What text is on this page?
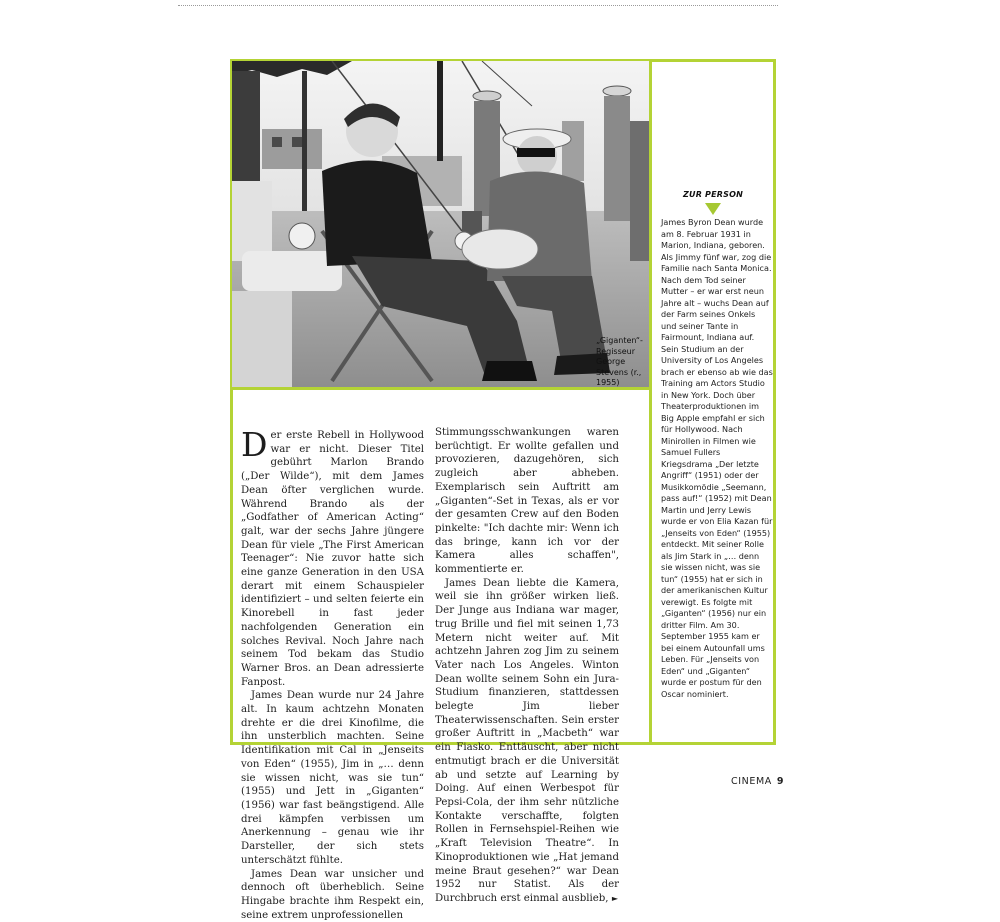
„Giganten“-Regisseur George Stevens (r., 1955)
ZUR PERSON

James Byron Dean wurde am 8. Februar 1931 in Marion, Indiana, geboren. Als Jimmy fünf war, zog die Familie nach Santa Monica. Nach dem Tod seiner Mutter – er war erst neun Jahre alt – wuchs Dean auf der Farm seines Onkels und seiner Tante in Fairmount, Indiana auf. Sein Studium an der University of Los Angeles brach er ebenso ab wie das Training am Actors Studio in New York. Doch über Theaterproduktionen im Big Apple empfahl er sich für Hollywood. Nach Minirollen in Filmen wie Samuel Fullers Kriegsdrama „Der letzte Angriff“ (1951) oder der Musikkomödie „Seemann, pass auf!“ (1952) mit Dean Martin und Jerry Lewis wurde er von Elia Kazan für „Jenseits von Eden“ (1955) entdeckt. Mit seiner Rolle als Jim Stark in „… denn sie wissen nicht, was sie tun“ (1955) hat er sich in der amerikanischen Kultur verewigt. Es folgte mit „Giganten“ (1956) nur ein dritter Film. Am 30. September 1955 kam er bei einem Autounfall ums Leben. Für „Jenseits von Eden“ und „Giganten“ wurde er postum für den Oscar nominiert.

Der erste Rebell in Hollywood war er nicht. Dieser Titel gebührt Marlon Brando („Der Wilde“), mit dem James Dean öfter verglichen wurde. Während Brando als der „Godfather of American Acting“ galt, war der sechs Jahre jüngere Dean für viele „The First American Teenager“: Nie zuvor hatte sich eine ganze Generation in den USA derart mit einem Schauspieler identifiziert – und selten feierte ein Kinorebell in fast jeder nachfolgenden Generation ein solches Revival. Noch Jahre nach seinem Tod bekam das Studio Warner Bros. an Dean adressierte Fanpost.

James Dean wurde nur 24 Jahre alt. In kaum achtzehn Monaten drehte er die drei Kinofilme, die ihn unsterblich machten. Seine Identifikation mit Cal in „Jenseits von Eden“ (1955), Jim in „… denn sie wissen nicht, was sie tun“ (1955) und Jett in „Giganten“ (1956) war fast beängstigend. Alle drei kämpfen verbissen um Anerkennung – genau wie ihr Darsteller, der sich stets unterschätzt fühlte.

James Dean war unsicher und dennoch oft überheblich. Seine Hingabe brachte ihm Respekt ein, seine extrem unprofessionellen

Stimmungsschwankungen waren berüchtigt. Er wollte gefallen und provozieren, dazugehören, sich zugleich aber abheben. Exemplarisch sein Auftritt am „Giganten“-Set in Texas, als er vor der gesamten Crew auf den Boden pinkelte: "Ich dachte mir: Wenn ich das bringe, kann ich vor der Kamera alles schaffen", kommentierte er.

James Dean liebte die Kamera, weil sie ihn größer wirken ließ. Der Junge aus Indiana war mager, trug Brille und fiel mit seinen 1,73 Metern nicht weiter auf. Mit achtzehn Jahren zog Jim zu seinem Vater nach Los Angeles. Winton Dean wollte seinem Sohn ein Jura-Studium finanzieren, stattdessen belegte Jim lieber Theaterwissenschaften. Sein erster großer Auftritt in „Macbeth“ war ein Fiasko. Enttäuscht, aber nicht entmutigt brach er die Universität ab und setzte auf Learning by Doing. Auf einen Werbespot für Pepsi-Cola, der ihm sehr nützliche Kontakte verschaffte, folgten Rollen in Fernsehspiel-Reihen wie „Kraft Television Theatre“. In Kinoproduktionen wie „Hat jemand meine Braut gesehen?“ war Dean 1952 nur Statist. Als der Durchbruch erst einmal ausblieb, ►

CINEMA 9
